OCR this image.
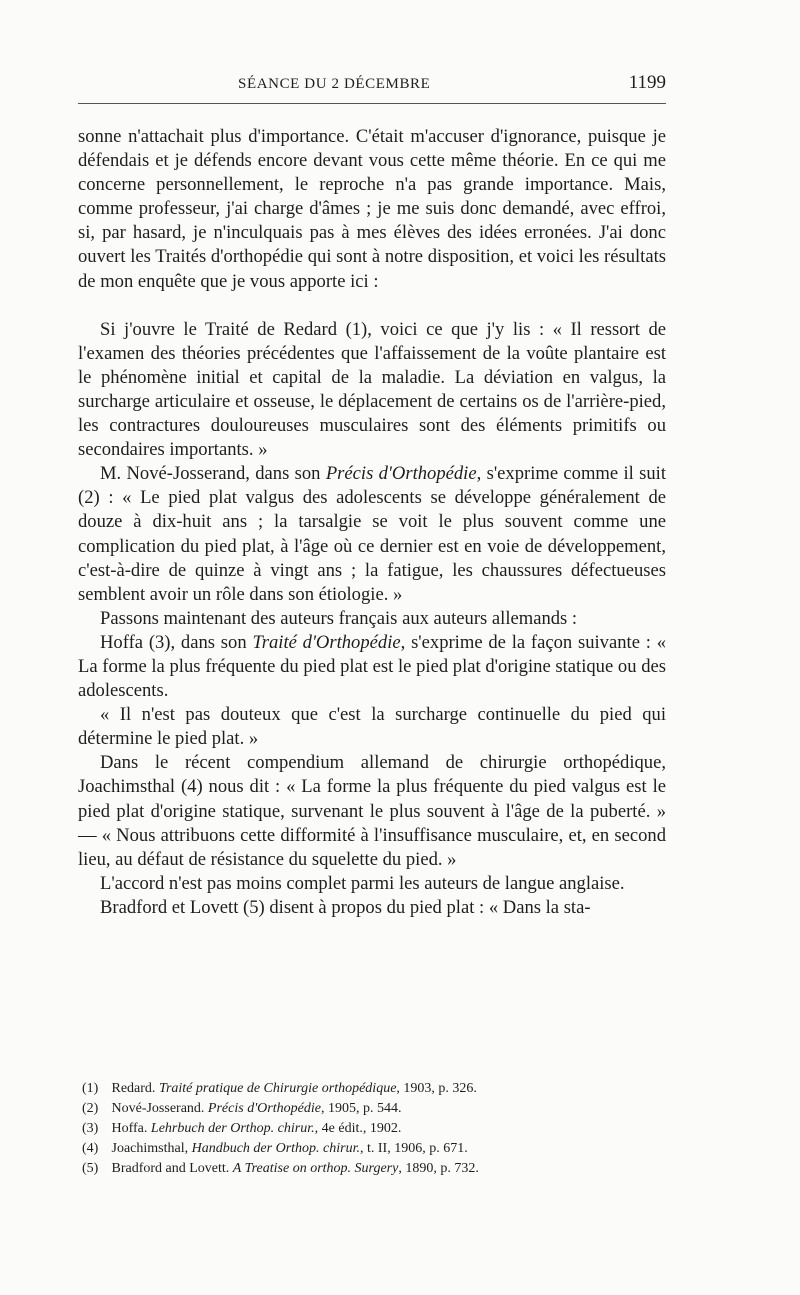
SÉANCE DU 2 DÉCEMBRE	1199

sonne n'attachait plus d'importance. C'était m'accuser d'ignorance, puisque je défendais et je défends encore devant vous cette même théorie. En ce qui me concerne personnellement, le reproche n'a pas grande importance. Mais, comme professeur, j'ai charge d'âmes ; je me suis donc demandé, avec effroi, si, par hasard, je n'inculquais pas à mes élèves des idées erronées. J'ai donc ouvert les Traités d'orthopédie qui sont à notre disposition, et voici les résultats de mon enquête que je vous apporte ici :

Si j'ouvre le Traité de Redard (1), voici ce que j'y lis : « Il ressort de l'examen des théories précédentes que l'affaissement de la voûte plantaire est le phénomène initial et capital de la maladie. La déviation en valgus, la surcharge articulaire et osseuse, le déplacement de certains os de l'arrière-pied, les contractures douloureuses musculaires sont des éléments primitifs ou secondaires importants. »

M. Nové-Josserand, dans son Précis d'Orthopédie, s'exprime comme il suit (2) : « Le pied plat valgus des adolescents se développe généralement de douze à dix-huit ans ; la tarsalgie se voit le plus souvent comme une complication du pied plat, à l'âge où ce dernier est en voie de développement, c'est-à-dire de quinze à vingt ans ; la fatigue, les chaussures défectueuses semblent avoir un rôle dans son étiologie. »

Passons maintenant des auteurs français aux auteurs allemands :

Hoffa (3), dans son Traité d'Orthopédie, s'exprime de la façon suivante : « La forme la plus fréquente du pied plat est le pied plat d'origine statique ou des adolescents.

« Il n'est pas douteux que c'est la surcharge continuelle du pied qui détermine le pied plat. »

Dans le récent compendium allemand de chirurgie orthopédique, Joachimsthal (4) nous dit : « La forme la plus fréquente du pied valgus est le pied plat d'origine statique, survenant le plus souvent à l'âge de la puberté. » — « Nous attribuons cette difformité à l'insuffisance musculaire, et, en second lieu, au défaut de résistance du squelette du pied. »

L'accord n'est pas moins complet parmi les auteurs de langue anglaise.

Bradford et Lovett (5) disent à propos du pied plat : « Dans la sta-

(1) Redard. Traité pratique de Chirurgie orthopédique, 1903, p. 326.
(2) Nové-Josserand. Précis d'Orthopédie, 1905, p. 544.
(3) Hoffa. Lehrbuch der Orthop. chirur., 4e édit., 1902.
(4) Joachimsthal, Handbuch der Orthop. chirur., t. II, 1906, p. 671.
(5) Bradford and Lovett. A Treatise on orthop. Surgery, 1890, p. 732.
